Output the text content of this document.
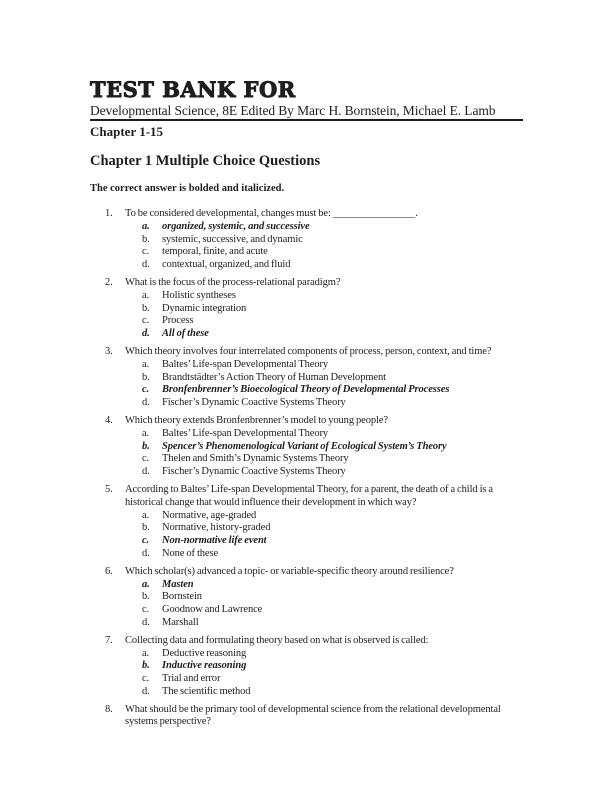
TEST BANK FOR
Developmental Science, 8E Edited By Marc H. Bornstein, Michael E. Lamb
Chapter 1-15
Chapter 1 Multiple Choice Questions
The correct answer is bolded and italicized.
1.	To be considered developmental, changes must be: ________________.
a.	organized, systemic, and successive
b.	systemic, successive, and dynamic
c.	temporal, finite, and acute
d.	contextual, organized, and fluid
2.	What is the focus of the process-relational paradigm?
a.	Holistic syntheses
b.	Dynamic integration
c.	Process
d.	All of these
3.	Which theory involves four interrelated components of process, person, context, and time?
a.	Baltes’ Life-span Developmental Theory
b.	Brandtstädter’s Action Theory of Human Development
c.	Bronfenbrenner’s Bioecological Theory of Developmental Processes
d.	Fischer’s Dynamic Coactive Systems Theory
4.	Which theory extends Bronfenbrenner’s model to young people?
a.	Baltes’ Life-span Developmental Theory
b.	Spencer’s Phenomenological Variant of Ecological System’s Theory
c.	Thelen and Smith’s Dynamic Systems Theory
d.	Fischer’s Dynamic Coactive Systems Theory
5.	According to Baltes’ Life-span Developmental Theory, for a parent, the death of a child is a historical change that would influence their development in which way?
a.	Normative, age-graded
b.	Normative, history-graded
c.	Non-normative life event
d.	None of these
6.	Which scholar(s) advanced a topic- or variable-specific theory around resilience?
a.	Masten
b.	Bornstein
c.	Goodnow and Lawrence
d.	Marshall
7.	Collecting data and formulating theory based on what is observed is called:
a.	Deductive reasoning
b.	Inductive reasoning
c.	Trial and error
d.	The scientific method
8.	What should be the primary tool of developmental science from the relational developmental systems perspective?
